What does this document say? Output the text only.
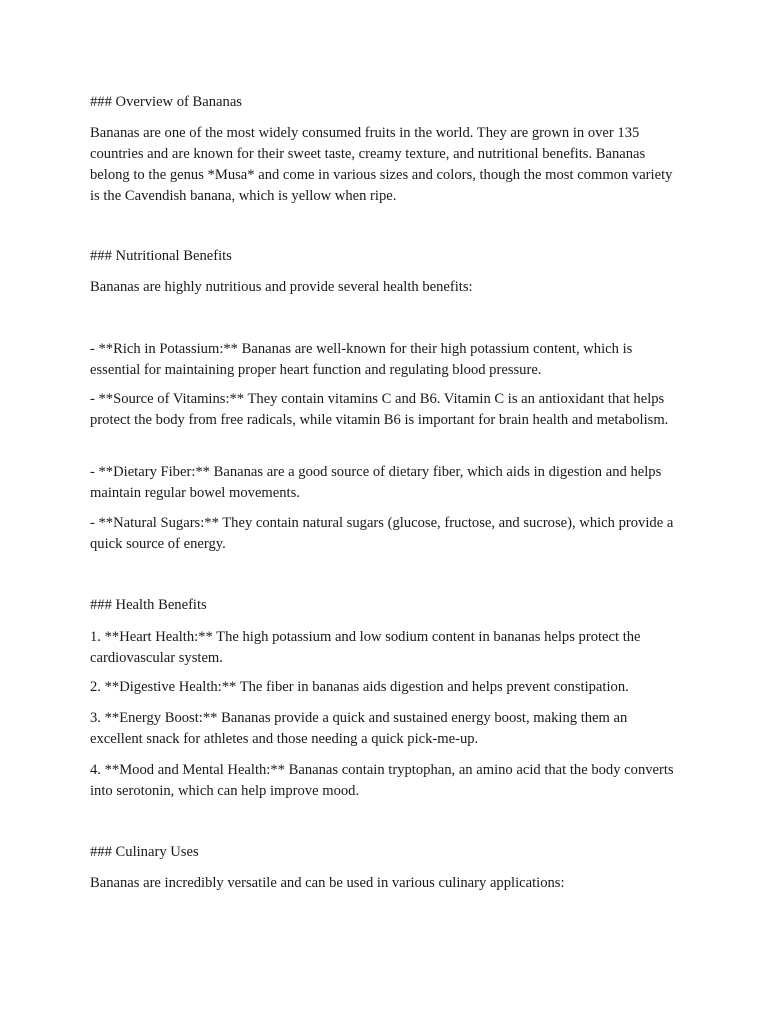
### Overview of Bananas

Bananas are one of the most widely consumed fruits in the world. They are grown in over 135 countries and are known for their sweet taste, creamy texture, and nutritional benefits. Bananas belong to the genus *Musa* and come in various sizes and colors, though the most common variety is the Cavendish banana, which is yellow when ripe.

### Nutritional Benefits

Bananas are highly nutritious and provide several health benefits:

- **Rich in Potassium:** Bananas are well-known for their high potassium content, which is essential for maintaining proper heart function and regulating blood pressure.

- **Source of Vitamins:** They contain vitamins C and B6. Vitamin C is an antioxidant that helps protect the body from free radicals, while vitamin B6 is important for brain health and metabolism.

- **Dietary Fiber:** Bananas are a good source of dietary fiber, which aids in digestion and helps maintain regular bowel movements.

- **Natural Sugars:** They contain natural sugars (glucose, fructose, and sucrose), which provide a quick source of energy.

### Health Benefits

1. **Heart Health:** The high potassium and low sodium content in bananas helps protect the cardiovascular system.

2. **Digestive Health:** The fiber in bananas aids digestion and helps prevent constipation.

3. **Energy Boost:** Bananas provide a quick and sustained energy boost, making them an excellent snack for athletes and those needing a quick pick-me-up.

4. **Mood and Mental Health:** Bananas contain tryptophan, an amino acid that the body converts into serotonin, which can help improve mood.

### Culinary Uses

Bananas are incredibly versatile and can be used in various culinary applications:
